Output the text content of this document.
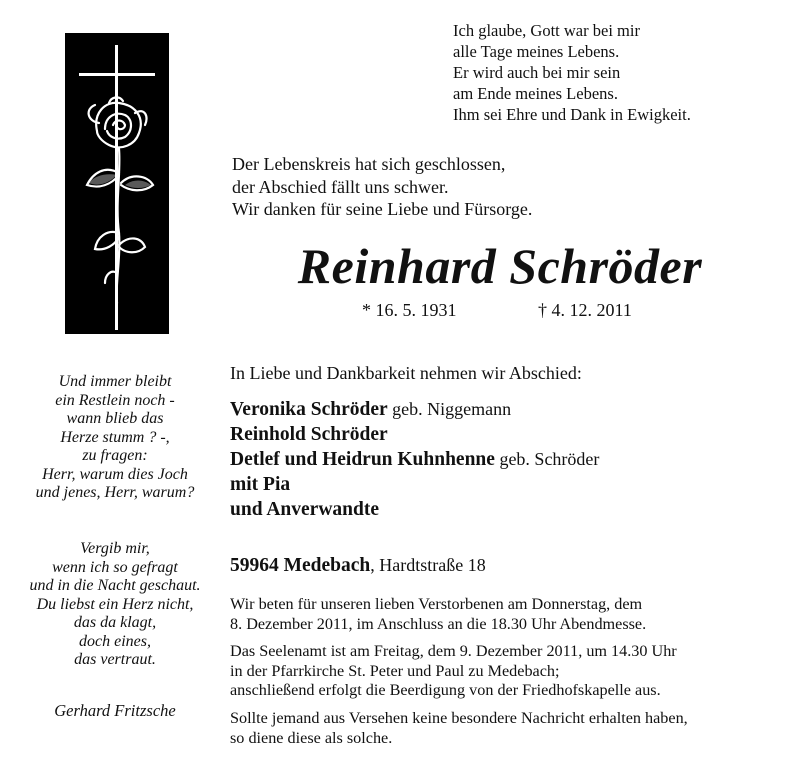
Ich glaube, Gott war bei mir
alle Tage meines Lebens.
Er wird auch bei mir sein
am Ende meines Lebens.
Ihm sei Ehre und Dank in Ewigkeit.
Der Lebenskreis hat sich geschlossen,
der Abschied fällt uns schwer.
Wir danken für seine Liebe und Fürsorge.
Reinhard Schröder
* 16. 5. 1931	† 4. 12. 2011
Und immer bleibt
ein Restlein noch -
wann blieb das
Herze stumm ? -,
zu fragen:
Herr, warum dies Joch
und jenes, Herr, warum?
Vergib mir,
wenn ich so gefragt
und in die Nacht geschaut.
Du liebst ein Herz nicht,
das da klagt,
doch eines,
das vertraut.
Gerhard Fritzsche
In Liebe und Dankbarkeit nehmen wir Abschied:
Veronika Schröder geb. Niggemann
Reinhold Schröder
Detlef und Heidrun Kuhnhenne geb. Schröder
mit Pia
und Anverwandte
59964 Medebach, Hardtstraße 18
Wir beten für unseren lieben Verstorbenen am Donnerstag, dem
8. Dezember 2011, im Anschluss an die 18.30 Uhr Abendmesse.
Das Seelenamt ist am Freitag, dem 9. Dezember 2011, um 14.30 Uhr
in der Pfarrkirche St. Peter und Paul zu Medebach;
anschließend erfolgt die Beerdigung von der Friedhofskapelle aus.
Sollte jemand aus Versehen keine besondere Nachricht erhalten haben,
so diene diese als solche.
